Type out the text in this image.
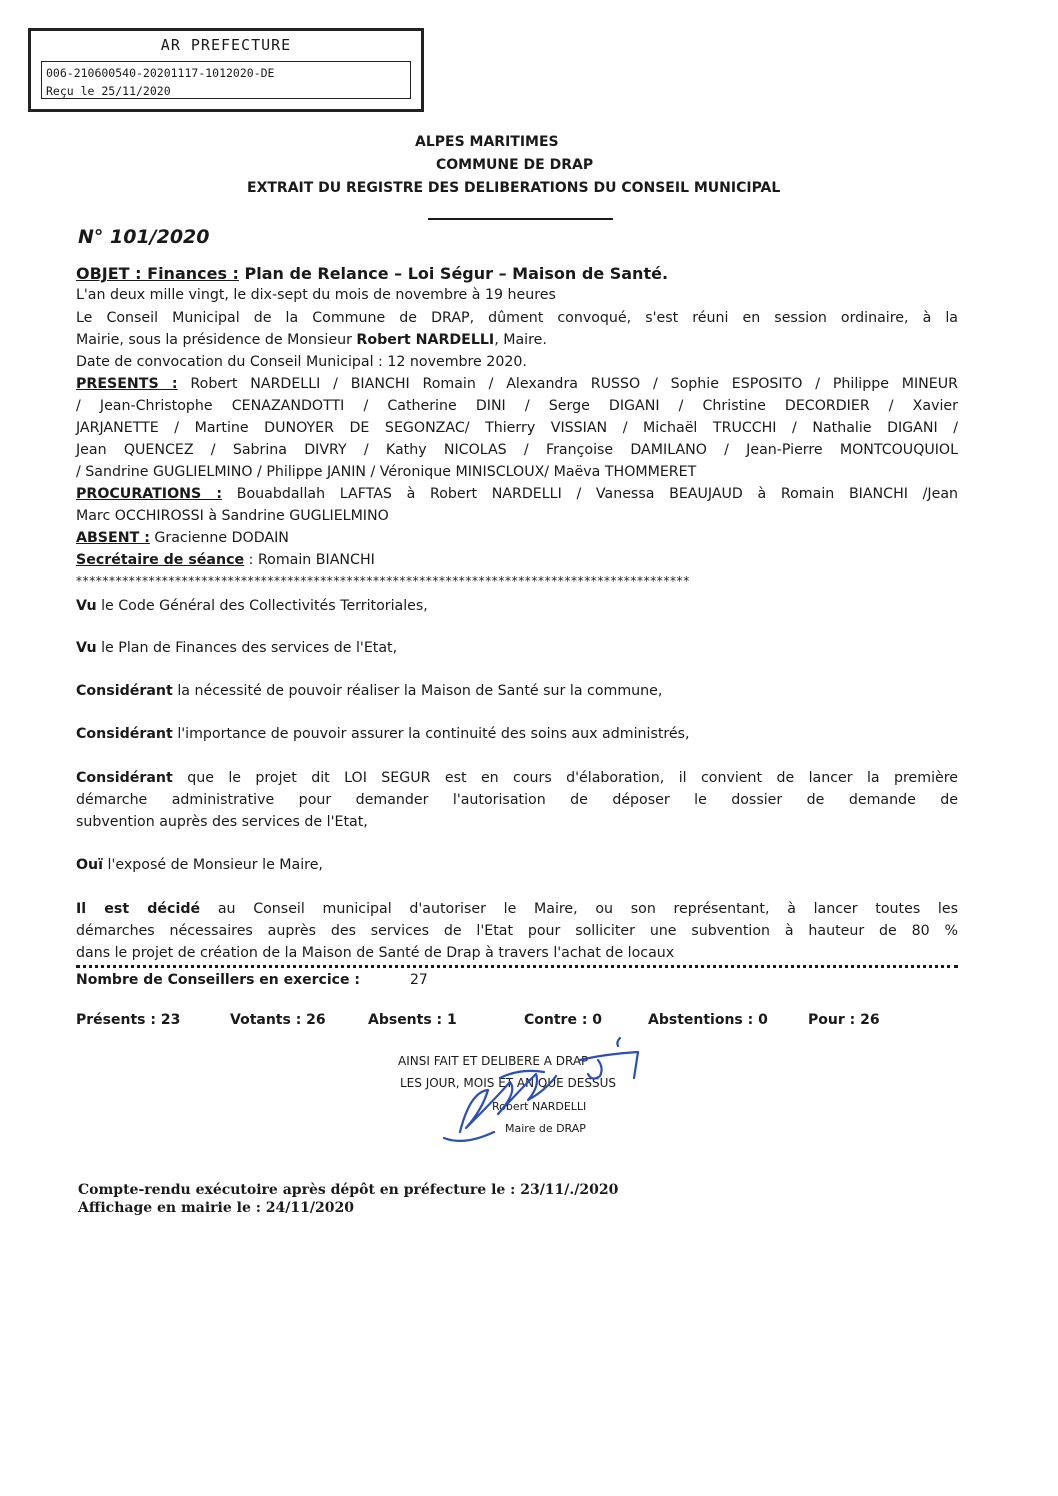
AR PREFECTURE
006-210600540-20201117-1012020-DE
Reçu le 25/11/2020
ALPES MARITIMES
COMMUNE DE DRAP
EXTRAIT DU REGISTRE DES DELIBERATIONS DU CONSEIL MUNICIPAL
N° 101/2020
OBJET : Finances : Plan de Relance – Loi Ségur – Maison de Santé.
L'an deux mille vingt, le dix-sept du mois de novembre à 19 heures
Le Conseil Municipal de la Commune de DRAP, dûment convoqué, s'est réuni en session ordinaire, à la
Mairie, sous la présidence de Monsieur Robert NARDELLI, Maire.
Date de convocation du Conseil Municipal : 12 novembre 2020.
PRESENTS : Robert NARDELLI / BIANCHI Romain / Alexandra RUSSO / Sophie ESPOSITO / Philippe MINEUR
/ Jean-Christophe CENAZANDOTTI / Catherine DINI / Serge DIGANI / Christine DECORDIER / Xavier
JARJANETTE / Martine DUNOYER DE SEGONZAC/ Thierry VISSIAN / Michaël TRUCCHI / Nathalie DIGANI /
Jean QUENCEZ / Sabrina DIVRY / Kathy NICOLAS / Françoise DAMILANO / Jean-Pierre MONTCOUQUIOL
/ Sandrine GUGLIELMINO / Philippe JANIN / Véronique MINISCLOUX/ Maëva THOMMERET
PROCURATIONS : Bouabdallah LAFTAS à Robert NARDELLI / Vanessa BEAUJAUD à Romain BIANCHI /Jean
Marc OCCHIROSSI à Sandrine GUGLIELMINO
ABSENT : Gracienne DODAIN
Secrétaire de séance : Romain BIANCHI
*********************************************************************************************
Vu le Code Général des Collectivités Territoriales,
Vu le Plan de Finances des services de l'Etat,
Considérant la nécessité de pouvoir réaliser la Maison de Santé sur la commune,
Considérant l'importance de pouvoir assurer la continuité des soins aux administrés,
Considérant que le projet dit LOI SEGUR est en cours d'élaboration, il convient de lancer la première
démarche administrative pour demander l'autorisation de déposer le dossier de demande de
subvention auprès des services de l'Etat,
Ouï l'exposé de Monsieur le Maire,
Il est décidé au Conseil municipal d'autoriser le Maire, ou son représentant, à lancer toutes les
démarches nécessaires auprès des services de l'Etat pour solliciter une subvention à hauteur de 80 %
dans le projet de création de la Maison de Santé de Drap à travers l'achat de locaux
Nombre de Conseillers en exercice :	27
Présents : 23	Votants : 26	Absents : 1	Contre : 0	Abstentions : 0	Pour : 26
AINSI FAIT ET DELIBERE A DRAP
LES JOUR, MOIS ET AN QUE DESSUS
Robert NARDELLI
Maire de DRAP
Compte-rendu exécutoire après dépôt en préfecture le : 23/11/./2020
Affichage en mairie le : 24/11/2020
